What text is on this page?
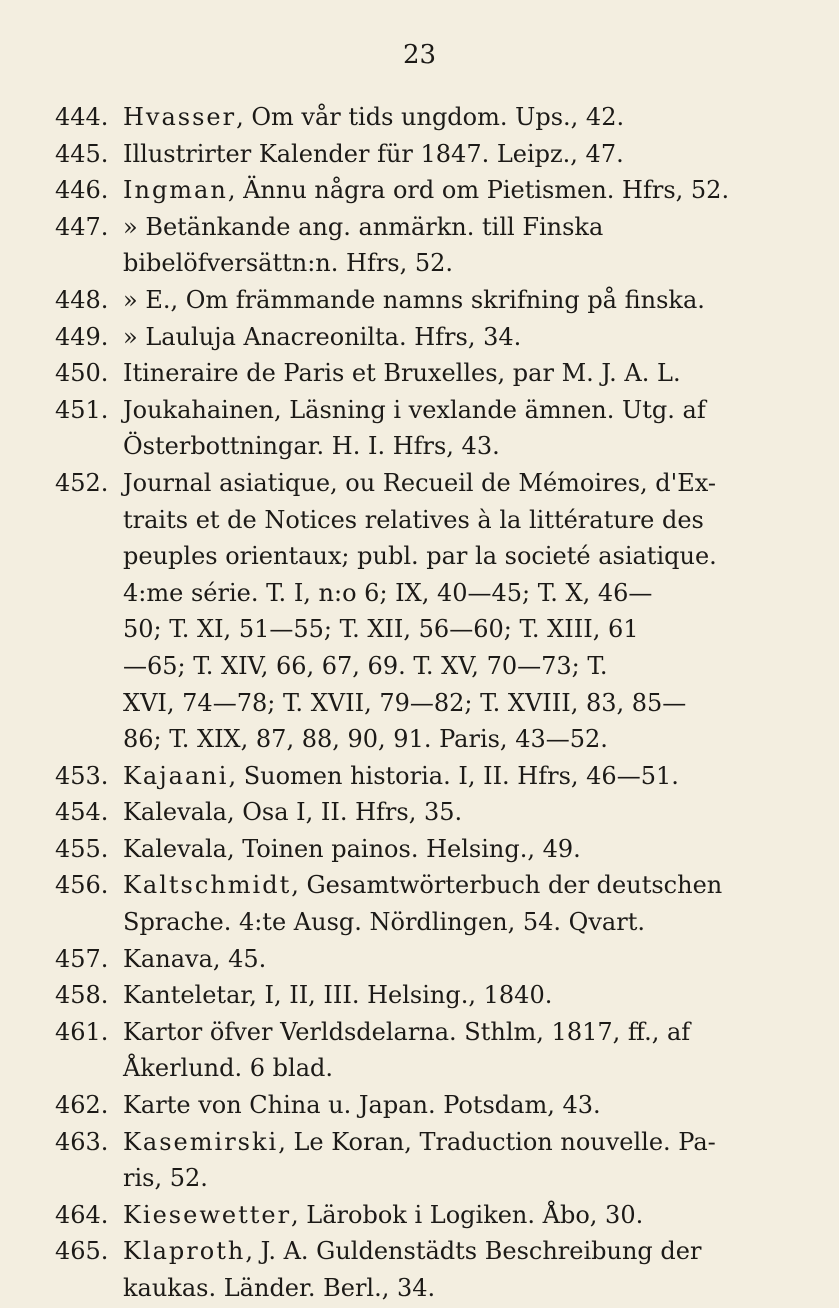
23
444. Hvasser, Om vår tids ungdom. Ups., 42.
445. Illustrirter Kalender für 1847. Leipz., 47.
446. Ingman, Ännu några ord om Pietismen. Hfrs, 52.
447. » Betänkande ang. anmärkn. till Finska
bibelöfversättn:n. Hfrs, 52.
448. » E., Om främmande namns skrifning på finska.
449. » Lauluja Anacreonilta. Hfrs, 34.
450. Itineraire de Paris et Bruxelles, par M. J. A. L.
451. Joukahainen, Läsning i vexlande ämnen. Utg. af
Österbottningar. H. I. Hfrs, 43.
452. Journal asiatique, ou Recueil de Mémoires, d'Ex-
traits et de Notices relatives à la littérature des
peuples orientaux; publ. par la societé asiatique.
4:me série. T. I, n:o 6; IX, 40—45; T. X, 46—
50; T. XI, 51—55; T. XII, 56—60; T. XIII, 61
—65; T. XIV, 66, 67, 69. T. XV, 70—73; T.
XVI, 74—78; T. XVII, 79—82; T. XVIII, 83, 85—
86; T. XIX, 87, 88, 90, 91. Paris, 43—52.
453. Kajaani, Suomen historia. I, II. Hfrs, 46—51.
454. Kalevala, Osa I, II. Hfrs, 35.
455. Kalevala, Toinen painos. Helsing., 49.
456. Kaltschmidt, Gesamtwörterbuch der deutschen
Sprache. 4:te Ausg. Nördlingen, 54. Qvart.
457. Kanava, 45.
458. Kanteletar, I, II, III. Helsing., 1840.
461. Kartor öfver Verldsdelarna. Sthlm, 1817, ff., af
Åkerlund. 6 blad.
462. Karte von China u. Japan. Potsdam, 43.
463. Kasemirski, Le Koran, Traduction nouvelle. Pa-
ris, 52.
464. Kiesewetter, Lärobok i Logiken. Åbo, 30.
465. Klaproth, J. A. Guldenstädts Beschreibung der
kaukas. Länder. Berl., 34.
